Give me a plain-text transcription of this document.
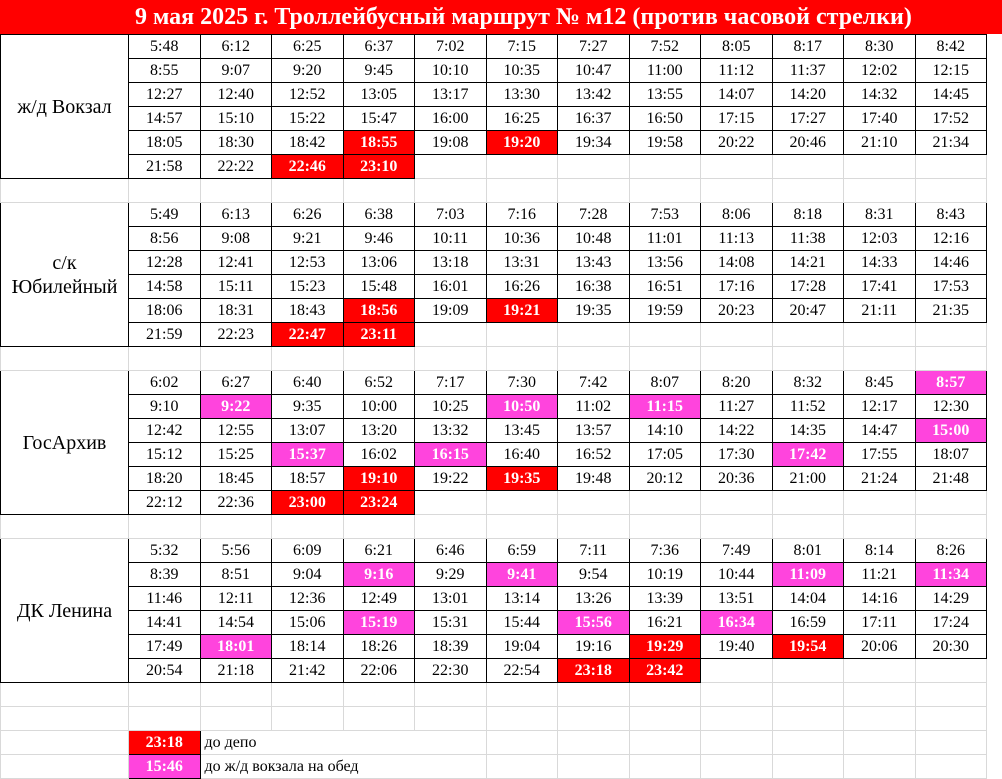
9 мая 2025 г. Троллейбусный маршрут № м12 (против часовой стрелки)
ж/д Вокзал	5:48	6:12	6:25	6:37	7:02	7:15	7:27	7:52	8:05	8:17	8:30	8:42
	8:55	9:07	9:20	9:45	10:10	10:35	10:47	11:00	11:12	11:37	12:02	12:15
	12:27	12:40	12:52	13:05	13:17	13:30	13:42	13:55	14:07	14:20	14:32	14:45
	14:57	15:10	15:22	15:47	16:00	16:25	16:37	16:50	17:15	17:27	17:40	17:52
	18:05	18:30	18:42	18:55	19:08	19:20	19:34	19:58	20:22	20:46	21:10	21:34
	21:58	22:22	22:46	23:10								

с/к Юбилейный	5:49	6:13	6:26	6:38	7:03	7:16	7:28	7:53	8:06	8:18	8:31	8:43
	8:56	9:08	9:21	9:46	10:11	10:36	10:48	11:01	11:13	11:38	12:03	12:16
	12:28	12:41	12:53	13:06	13:18	13:31	13:43	13:56	14:08	14:21	14:33	14:46
	14:58	15:11	15:23	15:48	16:01	16:26	16:38	16:51	17:16	17:28	17:41	17:53
	18:06	18:31	18:43	18:56	19:09	19:21	19:35	19:59	20:23	20:47	21:11	21:35
	21:59	22:23	22:47	23:11								

ГосАрхив	6:02	6:27	6:40	6:52	7:17	7:30	7:42	8:07	8:20	8:32	8:45	8:57
	9:10	9:22	9:35	10:00	10:25	10:50	11:02	11:15	11:27	11:52	12:17	12:30
	12:42	12:55	13:07	13:20	13:32	13:45	13:57	14:10	14:22	14:35	14:47	15:00
	15:12	15:25	15:37	16:02	16:15	16:40	16:52	17:05	17:30	17:42	17:55	18:07
	18:20	18:45	18:57	19:10	19:22	19:35	19:48	20:12	20:36	21:00	21:24	21:48
	22:12	22:36	23:00	23:24								

ДК Ленина	5:32	5:56	6:09	6:21	6:46	6:59	7:11	7:36	7:49	8:01	8:14	8:26
	8:39	8:51	9:04	9:16	9:29	9:41	9:54	10:19	10:44	11:09	11:21	11:34
	11:46	12:11	12:36	12:49	13:01	13:14	13:26	13:39	13:51	14:04	14:16	14:29
	14:41	14:54	15:06	15:19	15:31	15:44	15:56	16:21	16:34	16:59	17:11	17:24
	17:49	18:01	18:14	18:26	18:39	19:04	19:16	19:29	19:40	19:54	20:06	20:30
	20:54	21:18	21:42	22:06	22:30	22:54	23:18	23:42				

	23:18	до депо										
	15:46	до ж/д вокзала на обед										
